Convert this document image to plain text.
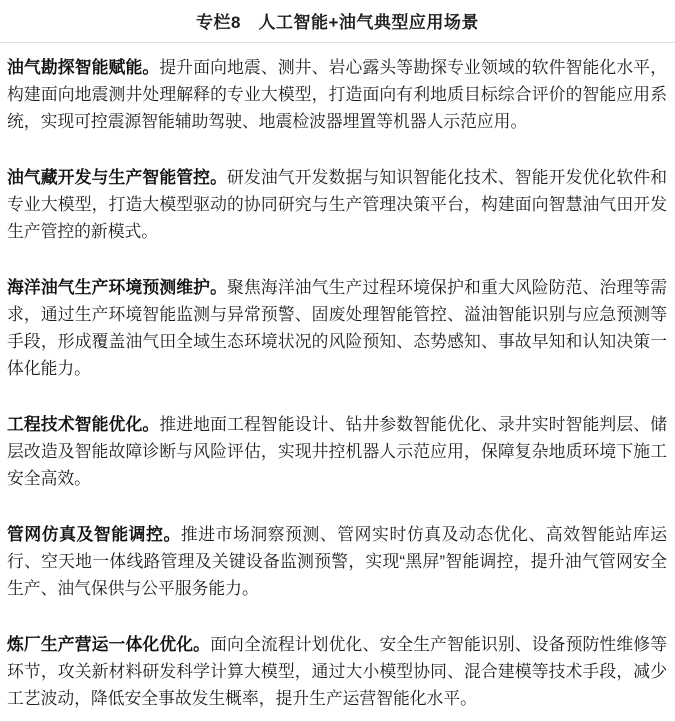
专栏8　人工智能+油气典型应用场景

油气勘探智能赋能。提升面向地震、测井、岩心露头等勘探专业领域的软件智能化水平，构建面向地震测井处理解释的专业大模型，打造面向有利地质目标综合评价的智能应用系统，实现可控震源智能辅助驾驶、地震检波器埋置等机器人示范应用。

油气藏开发与生产智能管控。研发油气开发数据与知识智能化技术、智能开发优化软件和专业大模型，打造大模型驱动的协同研究与生产管理决策平台，构建面向智慧油气田开发生产管控的新模式。

海洋油气生产环境预测维护。聚焦海洋油气生产过程环境保护和重大风险防范、治理等需求，通过生产环境智能监测与异常预警、固废处理智能管控、溢油智能识别与应急预测等手段，形成覆盖油气田全域生态环境状况的风险预知、态势感知、事故早知和认知决策一体化能力。

工程技术智能优化。推进地面工程智能设计、钻井参数智能优化、录井实时智能判层、储层改造及智能故障诊断与风险评估，实现井控机器人示范应用，保障复杂地质环境下施工安全高效。

管网仿真及智能调控。推进市场洞察预测、管网实时仿真及动态优化、高效智能站库运行、空天地一体线路管理及关键设备监测预警，实现“黑屏”智能调控，提升油气管网安全生产、油气保供与公平服务能力。

炼厂生产营运一体化优化。面向全流程计划优化、安全生产智能识别、设备预防性维修等环节，攻关新材料研发科学计算大模型，通过大小模型协同、混合建模等技术手段，减少工艺波动，降低安全事故发生概率，提升生产运营智能化水平。
